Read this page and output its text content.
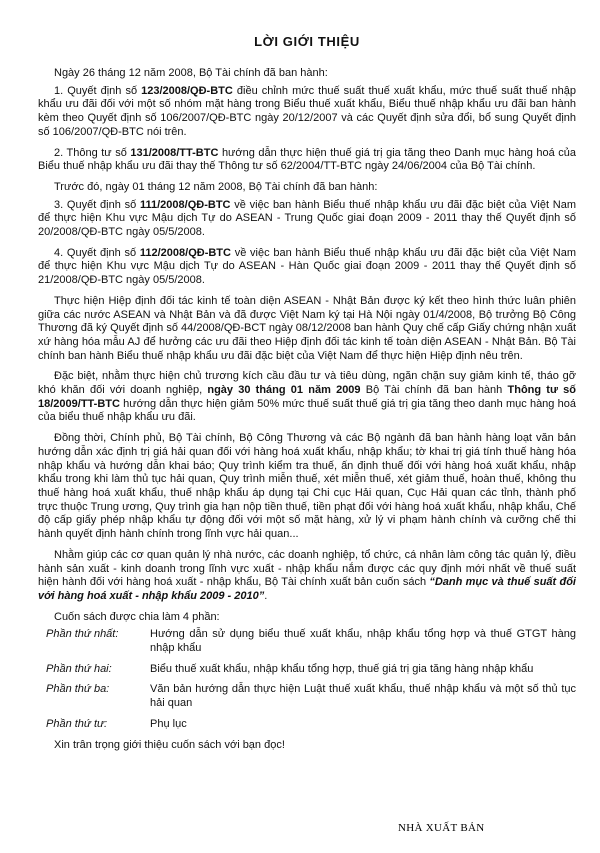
LỜI GIỚI THIỆU

Ngày 26 tháng 12 năm 2008, Bộ Tài chính đã ban hành:

1. Quyết định số 123/2008/QĐ-BTC điều chỉnh mức thuế suất thuế xuất khẩu, mức thuế suất thuế nhập khẩu ưu đãi đối với một số nhóm mặt hàng trong Biểu thuế xuất khẩu, Biểu thuế nhập khẩu ưu đãi ban hành kèm theo Quyết định số 106/2007/QĐ-BTC ngày 20/12/2007 và các Quyết định sửa đổi, bổ sung Quyết định số 106/2007/QĐ-BTC nói trên.

2. Thông tư số 131/2008/TT-BTC hướng dẫn thực hiện thuế giá trị gia tăng theo Danh mục hàng hoá của Biểu thuế nhập khẩu ưu đãi thay thế Thông tư số 62/2004/TT-BTC ngày 24/06/2004 của Bộ Tài chính.

Trước đó, ngày 01 tháng 12 năm 2008, Bộ Tài chính đã ban hành:

3. Quyết định số 111/2008/QĐ-BTC về việc ban hành Biểu thuế nhập khẩu ưu đãi đặc biệt của Việt Nam để thực hiện Khu vực Mậu dịch Tự do ASEAN - Trung Quốc giai đoạn 2009 - 2011 thay thế Quyết định số 20/2008/QĐ-BTC ngày 05/5/2008.

4. Quyết định số 112/2008/QĐ-BTC về việc ban hành Biểu thuế nhập khẩu ưu đãi đặc biệt của Việt Nam để thực hiện Khu vực Mậu dịch Tự do ASEAN - Hàn Quốc giai đoạn 2009 - 2011 thay thế Quyết định số 21/2008/QĐ-BTC ngày 05/5/2008.

Thực hiện Hiệp định đối tác kinh tế toàn diện ASEAN - Nhật Bản được ký kết theo hình thức luân phiên giữa các nước ASEAN và Nhật Bản và đã được Việt Nam ký tại Hà Nội ngày 01/4/2008, Bộ trưởng Bộ Công Thương đã ký Quyết định số 44/2008/QĐ-BCT ngày 08/12/2008 ban hành Quy chế cấp Giấy chứng nhận xuất xứ hàng hóa mẫu AJ để hưởng các ưu đãi theo Hiệp định đối tác kinh tế toàn diện ASEAN - Nhật Bản. Bộ Tài chính ban hành Biểu thuế nhập khẩu ưu đãi đặc biệt của Việt Nam để thực hiện Hiệp định nêu trên.

Đặc biệt, nhằm thực hiện chủ trương kích cầu đầu tư và tiêu dùng, ngăn chặn suy giảm kinh tế, tháo gỡ khó khăn đối với doanh nghiệp, ngày 30 tháng 01 năm 2009 Bộ Tài chính đã ban hành Thông tư số 18/2009/TT-BTC hướng dẫn thực hiện giảm 50% mức thuế suất thuế giá trị gia tăng theo danh mục hàng hoá của biểu thuế nhập khẩu ưu đãi.

Đồng thời, Chính phủ, Bộ Tài chính, Bộ Công Thương và các Bộ ngành đã ban hành hàng loạt văn bản hướng dẫn xác định trị giá hải quan đối với hàng hoá xuất khẩu, nhập khẩu; tờ khai trị giá tính thuế hàng hóa nhập khẩu và hướng dẫn khai báo; Quy trình kiểm tra thuế, ấn định thuế đối với hàng hoá xuất khẩu, nhập khẩu trong khi làm thủ tục hải quan, Quy trình miễn thuế, xét miễn thuế, xét giảm thuế, hoàn thuế, không thu thuế hàng hoá xuất khẩu, thuế nhập khẩu áp dụng tại Chi cục Hải quan, Cục Hải quan các tỉnh, thành phố trực thuộc Trung ương, Quy trình gia hạn nộp tiền thuế, tiền phạt đối với hàng hoá xuất khẩu, nhập khẩu, Chế độ cấp giấy phép nhập khẩu tự động đối với một số mặt hàng, xử lý vi phạm hành chính và cưỡng chế thi hành quyết định hành chính trong lĩnh vực hải quan...

Nhằm giúp các cơ quan quản lý nhà nước, các doanh nghiệp, tổ chức, cá nhân làm công tác quản lý, điều hành sản xuất - kinh doanh trong lĩnh vực xuất - nhập khẩu nắm được các quy định mới nhất về thuế suất hiện hành đối với hàng hoá xuất - nhập khẩu, Bộ Tài chính xuất bản cuốn sách “Danh mục và thuế suất đối với hàng hoá xuất - nhập khẩu 2009 - 2010”.

Cuốn sách được chia làm 4 phần:

Phần thứ nhất:	Hướng dẫn sử dụng biểu thuế xuất khẩu, nhập khẩu tổng hợp và thuế GTGT hàng nhập khẩu
Phần thứ hai:	Biểu thuế xuất khẩu, nhập khẩu tổng hợp, thuế giá trị gia tăng hàng nhập khẩu
Phần thứ ba:	Văn bản hướng dẫn thực hiện Luật thuế xuất khẩu, thuế nhập khẩu và một số thủ tục hải quan
Phần thứ tư:	Phụ lục

Xin trân trọng giới thiệu cuốn sách với bạn đọc!

NHÀ XUẤT BẢN
